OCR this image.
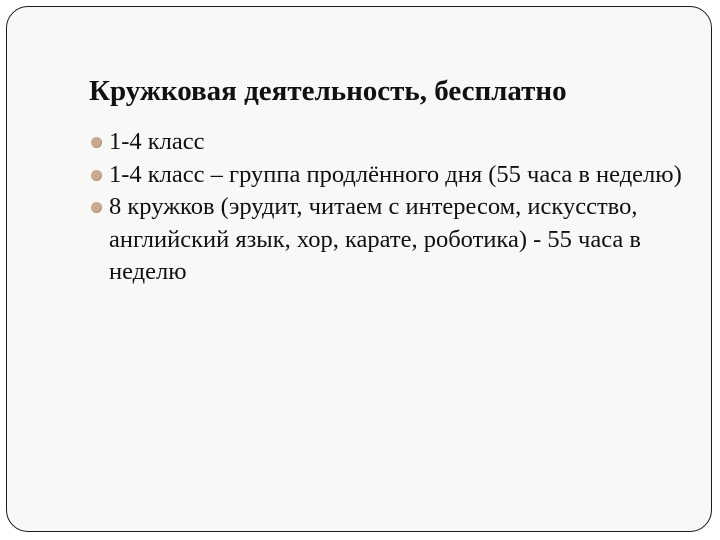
Кружковая деятельность, бесплатно
1-4 класс
1-4 класс – группа продлённого дня (55 часа в неделю)
8 кружков (эрудит, читаем с интересом, искусство, английский язык, хор, карате, роботика) - 55 часа в неделю
